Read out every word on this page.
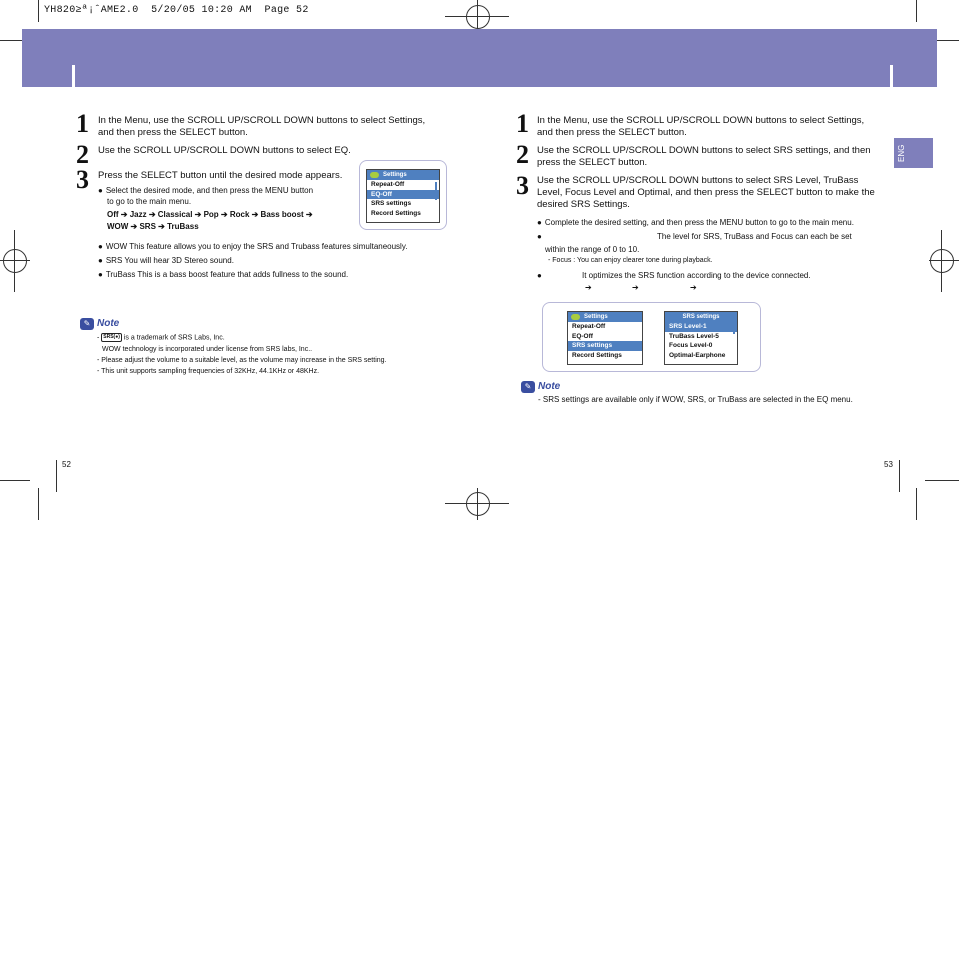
YH820≥ª¡ˆAME2.0  5/20/05 10:20 AM  Page 52
ENG
1 In the Menu, use the SCROLL UP/SCROLL DOWN buttons to select Settings, and then press the SELECT button.
2 Use the SCROLL UP/SCROLL DOWN buttons to select EQ.
3 Press the SELECT button until the desired mode appears.
● Select the desired mode, and then press the MENU button
to go to the main menu.
Off ➔ Jazz ➔ Classical ➔ Pop ➔ Rock ➔ Bass boost ➔
WOW ➔ SRS ➔ TruBass
Settings
Repeat-Off
EQ-Off
SRS settings
Record Settings
● WOW This feature allows you to enjoy the SRS and Trubass features simultaneously.
● SRS You will hear 3D Stereo sound.
● TruBass This is a bass boost feature that adds fullness to the sound.
✎ Note
- SRS(●) is a trademark of SRS Labs, Inc.
WOW technology is incorporated under license from SRS labs, Inc..
- Please adjust the volume to a suitable level, as the volume may increase in the SRS setting.
- This unit supports sampling frequencies of 32KHz, 44.1KHz or 48KHz.
52
1 In the Menu, use the SCROLL UP/SCROLL DOWN buttons to select Settings, and then press the SELECT button.
2 Use the SCROLL UP/SCROLL DOWN buttons to select SRS settings, and then press the SELECT button.
3 Use the SCROLL UP/SCROLL DOWN buttons to select SRS Level, TruBass Level, Focus Level and Optimal, and then press the SELECT button to make the desired SRS Settings.
● Complete the desired setting, and then press the MENU button to go to the main menu.
●	The level for SRS, TruBass and Focus can each be set
within the range of 0 to 10.
- Focus : You can enjoy clearer tone during playback.
●	It optimizes the SRS function according to the device connected.
➔	➔	➔
Settings
Repeat-Off
EQ-Off
SRS settings
Record Settings
SRS settings
SRS Level-1
TruBass Level-5
Focus Level-0
Optimal-Earphone
✎ Note
- SRS settings are available only if WOW, SRS, or TruBass are selected in the EQ menu.
53
